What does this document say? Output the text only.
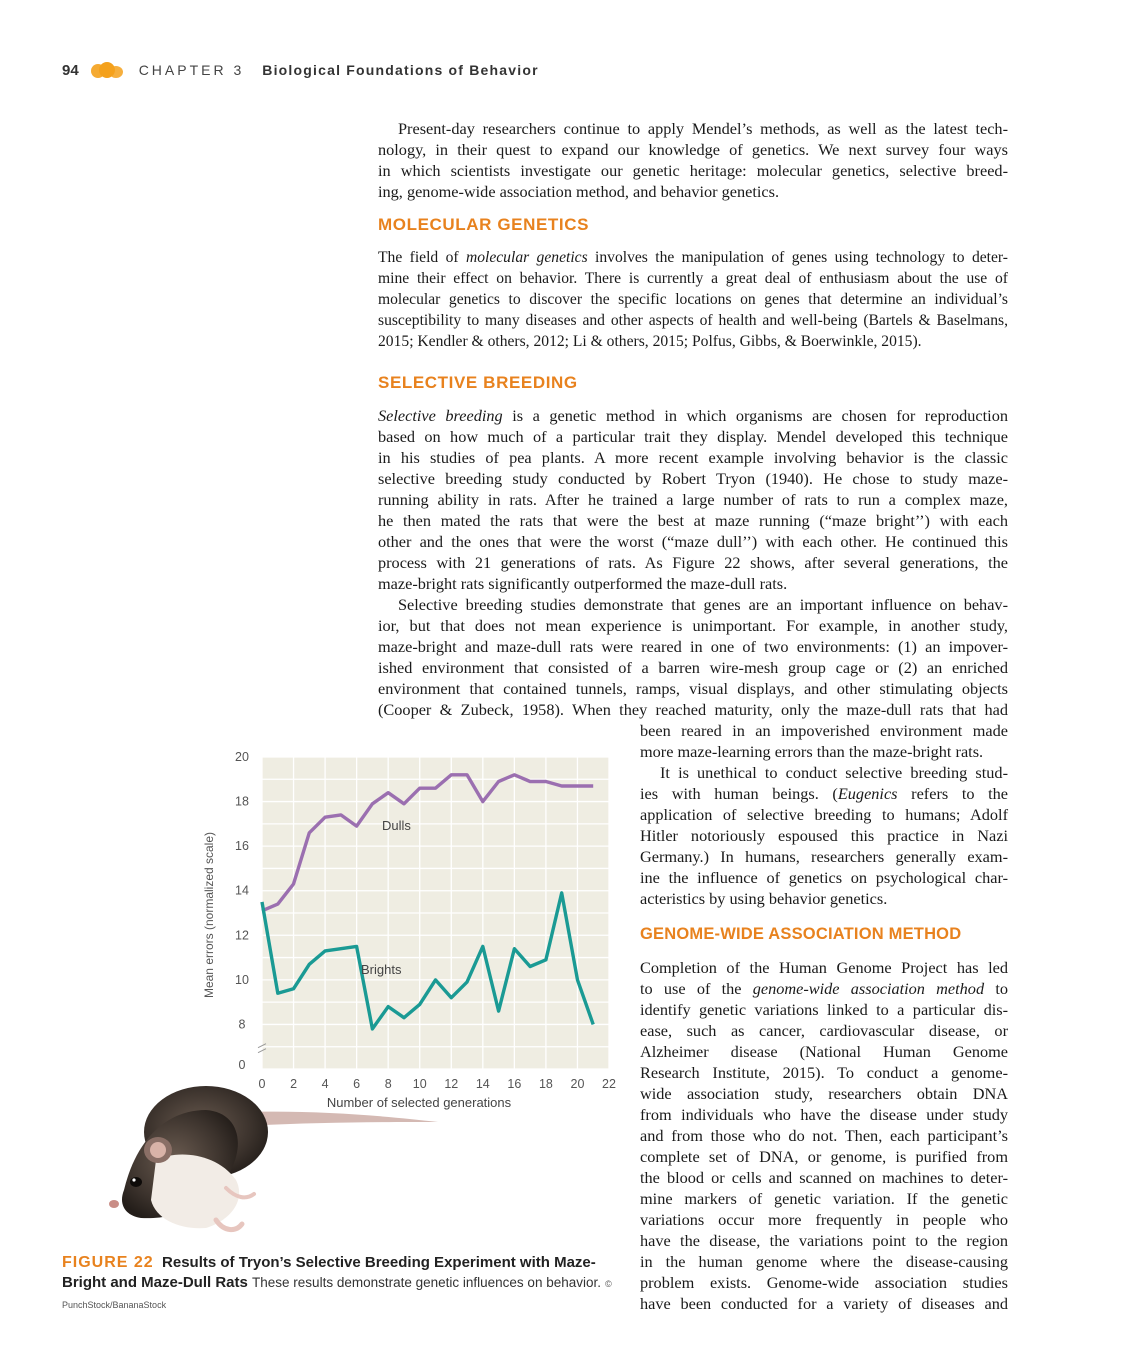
94	CHAPTER 3 Biological Foundations of Behavior
Present-day researchers continue to apply Mendel’s methods, as well as the latest tech-
nology, in their quest to expand our knowledge of genetics. We next survey four ways
in which scientists investigate our genetic heritage: molecular genetics, selective breed-
ing, genome-wide association method, and behavior genetics.
MOLECULAR GENETICS
The field of molecular genetics involves the manipulation of genes using technology to deter-
mine their effect on behavior. There is currently a great deal of enthusiasm about the use of
molecular genetics to discover the specific locations on genes that determine an individual’s
susceptibility to many diseases and other aspects of health and well-being (Bartels & Baselmans,
2015; Kendler & others, 2012; Li & others, 2015; Polfus, Gibbs, & Boerwinkle, 2015).
SELECTIVE BREEDING
Selective breeding is a genetic method in which organisms are chosen for reproduction
based on how much of a particular trait they display. Mendel developed this technique
in his studies of pea plants. A more recent example involving behavior is the classic
selective breeding study conducted by Robert Tryon (1940). He chose to study maze-
running ability in rats. After he trained a large number of rats to run a complex maze,
he then mated the rats that were the best at maze running (“maze bright’’) with each
other and the ones that were the worst (“maze dull’’) with each other. He continued this
process with 21 generations of rats. As Figure 22 shows, after several generations, the
maze-bright rats significantly outperformed the maze-dull rats.
Selective breeding studies demonstrate that genes are an important influence on behav-
ior, but that does not mean experience is unimportant. For example, in another study,
maze-bright and maze-dull rats were reared in one of two environments: (1) an impover-
ished environment that consisted of a barren wire-mesh group cage or (2) an enriched
environment that contained tunnels, ramps, visual displays, and other stimulating objects
(Cooper & Zubeck, 1958). When they reached maturity, only the maze-dull rats that had
been reared in an impoverished environment made
more maze-learning errors than the maze-bright rats.
It is unethical to conduct selective breeding stud-
ies with human beings. (Eugenics refers to the
application of selective breeding to humans; Adolf
Hitler notoriously espoused this practice in Nazi
Germany.) In humans, researchers generally exam-
ine the influence of genetics on psychological char-
acteristics by using behavior genetics.
GENOME-WIDE ASSOCIATION METHOD
Completion of the Human Genome Project has led
to use of the genome-wide association method to
identify genetic variations linked to a particular dis-
ease, such as cancer, cardiovascular disease, or
Alzheimer disease (National Human Genome
Research Institute, 2015). To conduct a genome-
wide association study, researchers obtain DNA
from individuals who have the disease under study
and from those who do not. Then, each participant’s
complete set of DNA, or genome, is purified from
the blood or cells and scanned on machines to deter-
mine markers of genetic variation. If the genetic
variations occur more frequently in people who
have the disease, the variations point to the region
in the human genome where the disease-causing
problem exists. Genome-wide association studies
have been conducted for a variety of diseases and
0
8
10
12
14
16
18
20
0 2 4 6 8 10 12 14 16 18 20 22
Mean errors (normalized scale)
Number of selected generations
Dulls
Brights
FIGURE 22 Results of Tryon’s Selective Breeding Experiment with Maze-Bright and Maze-Dull Rats These results demonstrate genetic influences on behavior. © PunchStock/BananaStock
